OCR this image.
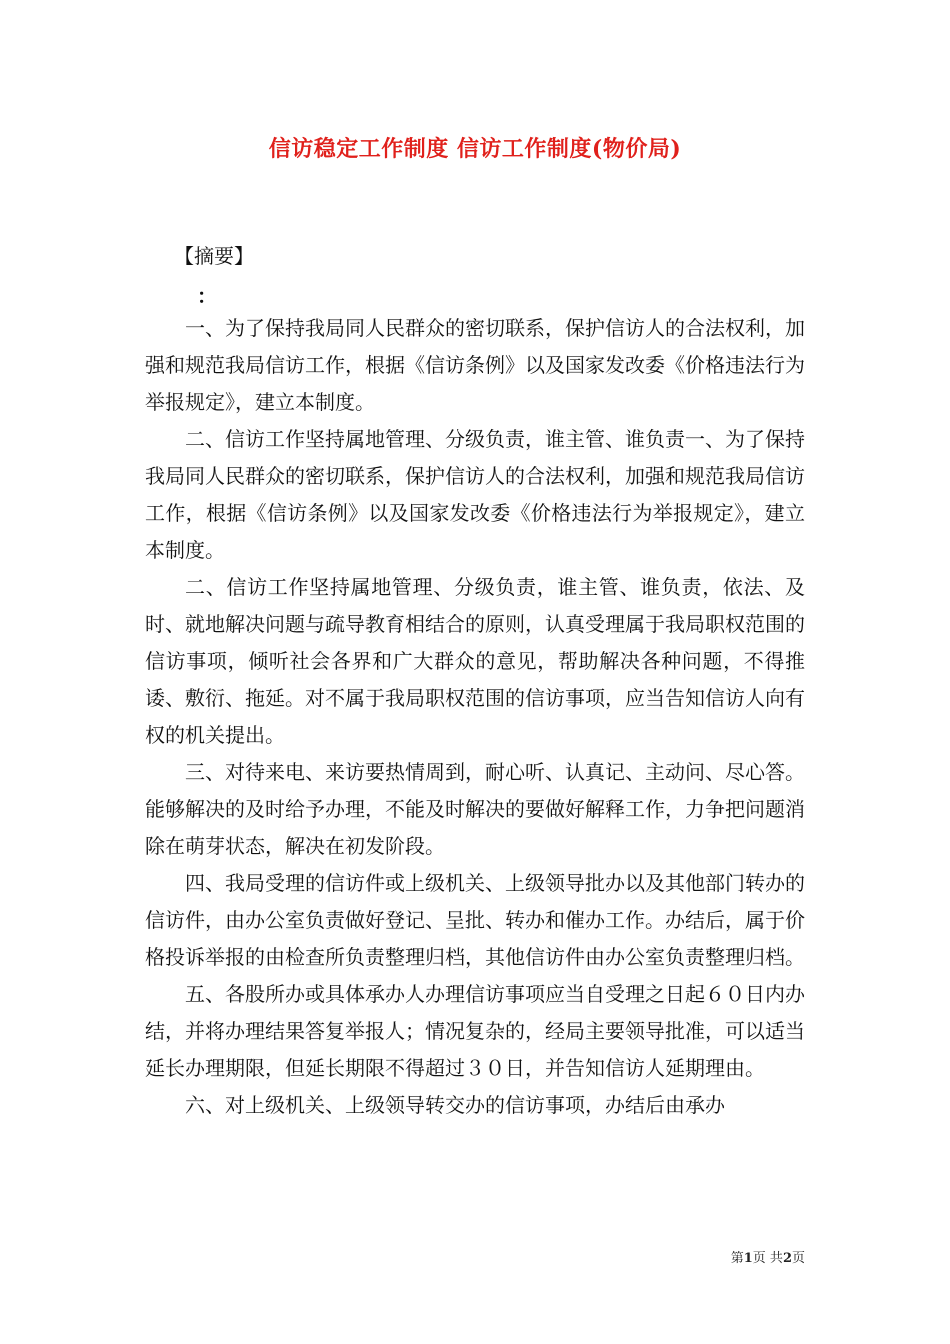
信访稳定工作制度 信访工作制度(物价局)
【摘要】
：

一、为了保持我局同人民群众的密切联系，保护信访人的合法权利，加强和规范我局信访工作，根据《信访条例》以及国家发改委《价格违法行为举报规定》，建立本制度。

二、信访工作坚持属地管理、分级负责，谁主管、谁负责一、为了保持我局同人民群众的密切联系，保护信访人的合法权利，加强和规范我局信访工作，根据《信访条例》以及国家发改委《价格违法行为举报规定》，建立本制度。

二、信访工作坚持属地管理、分级负责，谁主管、谁负责，依法、及时、就地解决问题与疏导教育相结合的原则，认真受理属于我局职权范围的信访事项，倾听社会各界和广大群众的意见，帮助解决各种问题，不得推诿、敷衍、拖延。对不属于我局职权范围的信访事项，应当告知信访人向有权的机关提出。

三、对待来电、来访要热情周到，耐心听、认真记、主动问、尽心答。能够解决的及时给予办理，不能及时解决的要做好解释工作，力争把问题消除在萌芽状态，解决在初发阶段。

四、我局受理的信访件或上级机关、上级领导批办以及其他部门转办的信访件，由办公室负责做好登记、呈批、转办和催办工作。办结后，属于价格投诉举报的由检查所负责整理归档，其他信访件由办公室负责整理归档。

五、各股所办或具体承办人办理信访事项应当自受理之日起６０日内办结，并将办理结果答复举报人；情况复杂的，经局主要领导批准，可以适当延长办理期限，但延长期限不得超过３０日，并告知信访人延期理由。

六、对上级机关、上级领导转交办的信访事项，办结后由承办

第1页 共2页
